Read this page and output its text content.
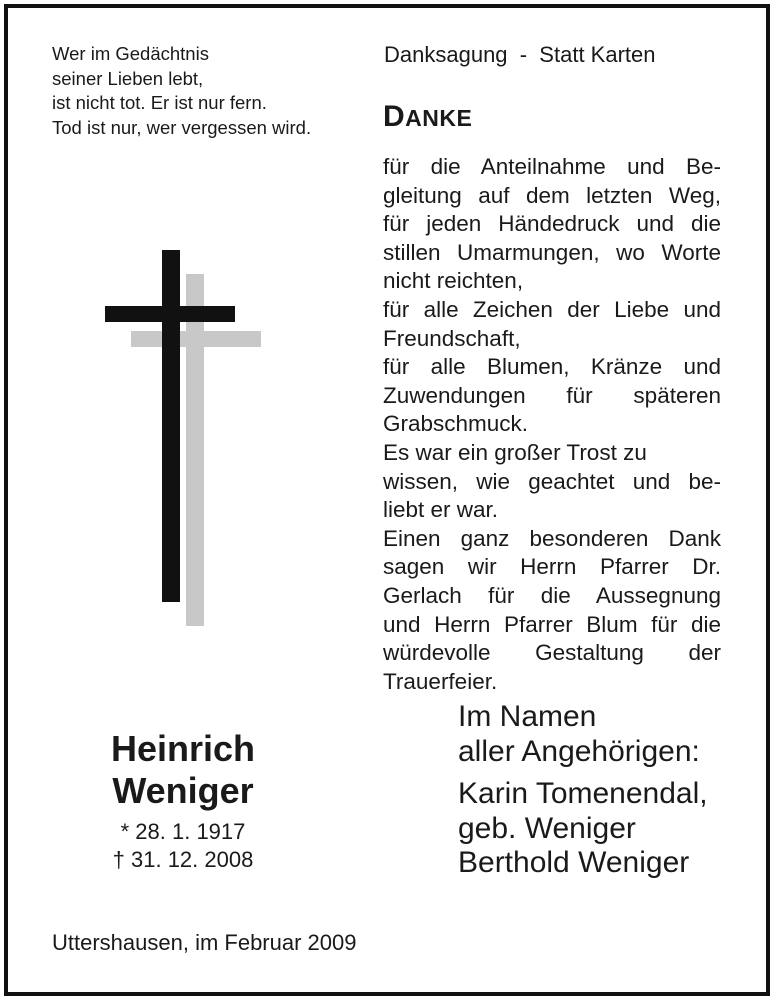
Wer im Gedächtnis
seiner Lieben lebt,
ist nicht tot. Er ist nur fern.
Tod ist nur, wer vergessen wird.
Danksagung  -  Statt Karten
DANKE
für die Anteilnahme und Be-
gleitung auf dem letzten Weg,
für jeden Händedruck und die
stillen Umarmungen, wo Worte
nicht reichten,
für alle Zeichen der Liebe und
Freundschaft,
für alle Blumen, Kränze und
Zuwendungen für späteren
Grabschmuck.
Es war ein großer Trost zu
wissen, wie geachtet und be-
liebt er war.
Einen ganz besonderen Dank
sagen wir Herrn Pfarrer Dr.
Gerlach für die Aussegnung
und Herrn Pfarrer Blum für die
würdevolle Gestaltung der
Trauerfeier.
Heinrich
Weniger
* 28. 1. 1917
† 31. 12. 2008
Im Namen
aller Angehörigen:
Karin Tomenendal,
geb. Weniger
Berthold Weniger
Uttershausen, im Februar 2009
